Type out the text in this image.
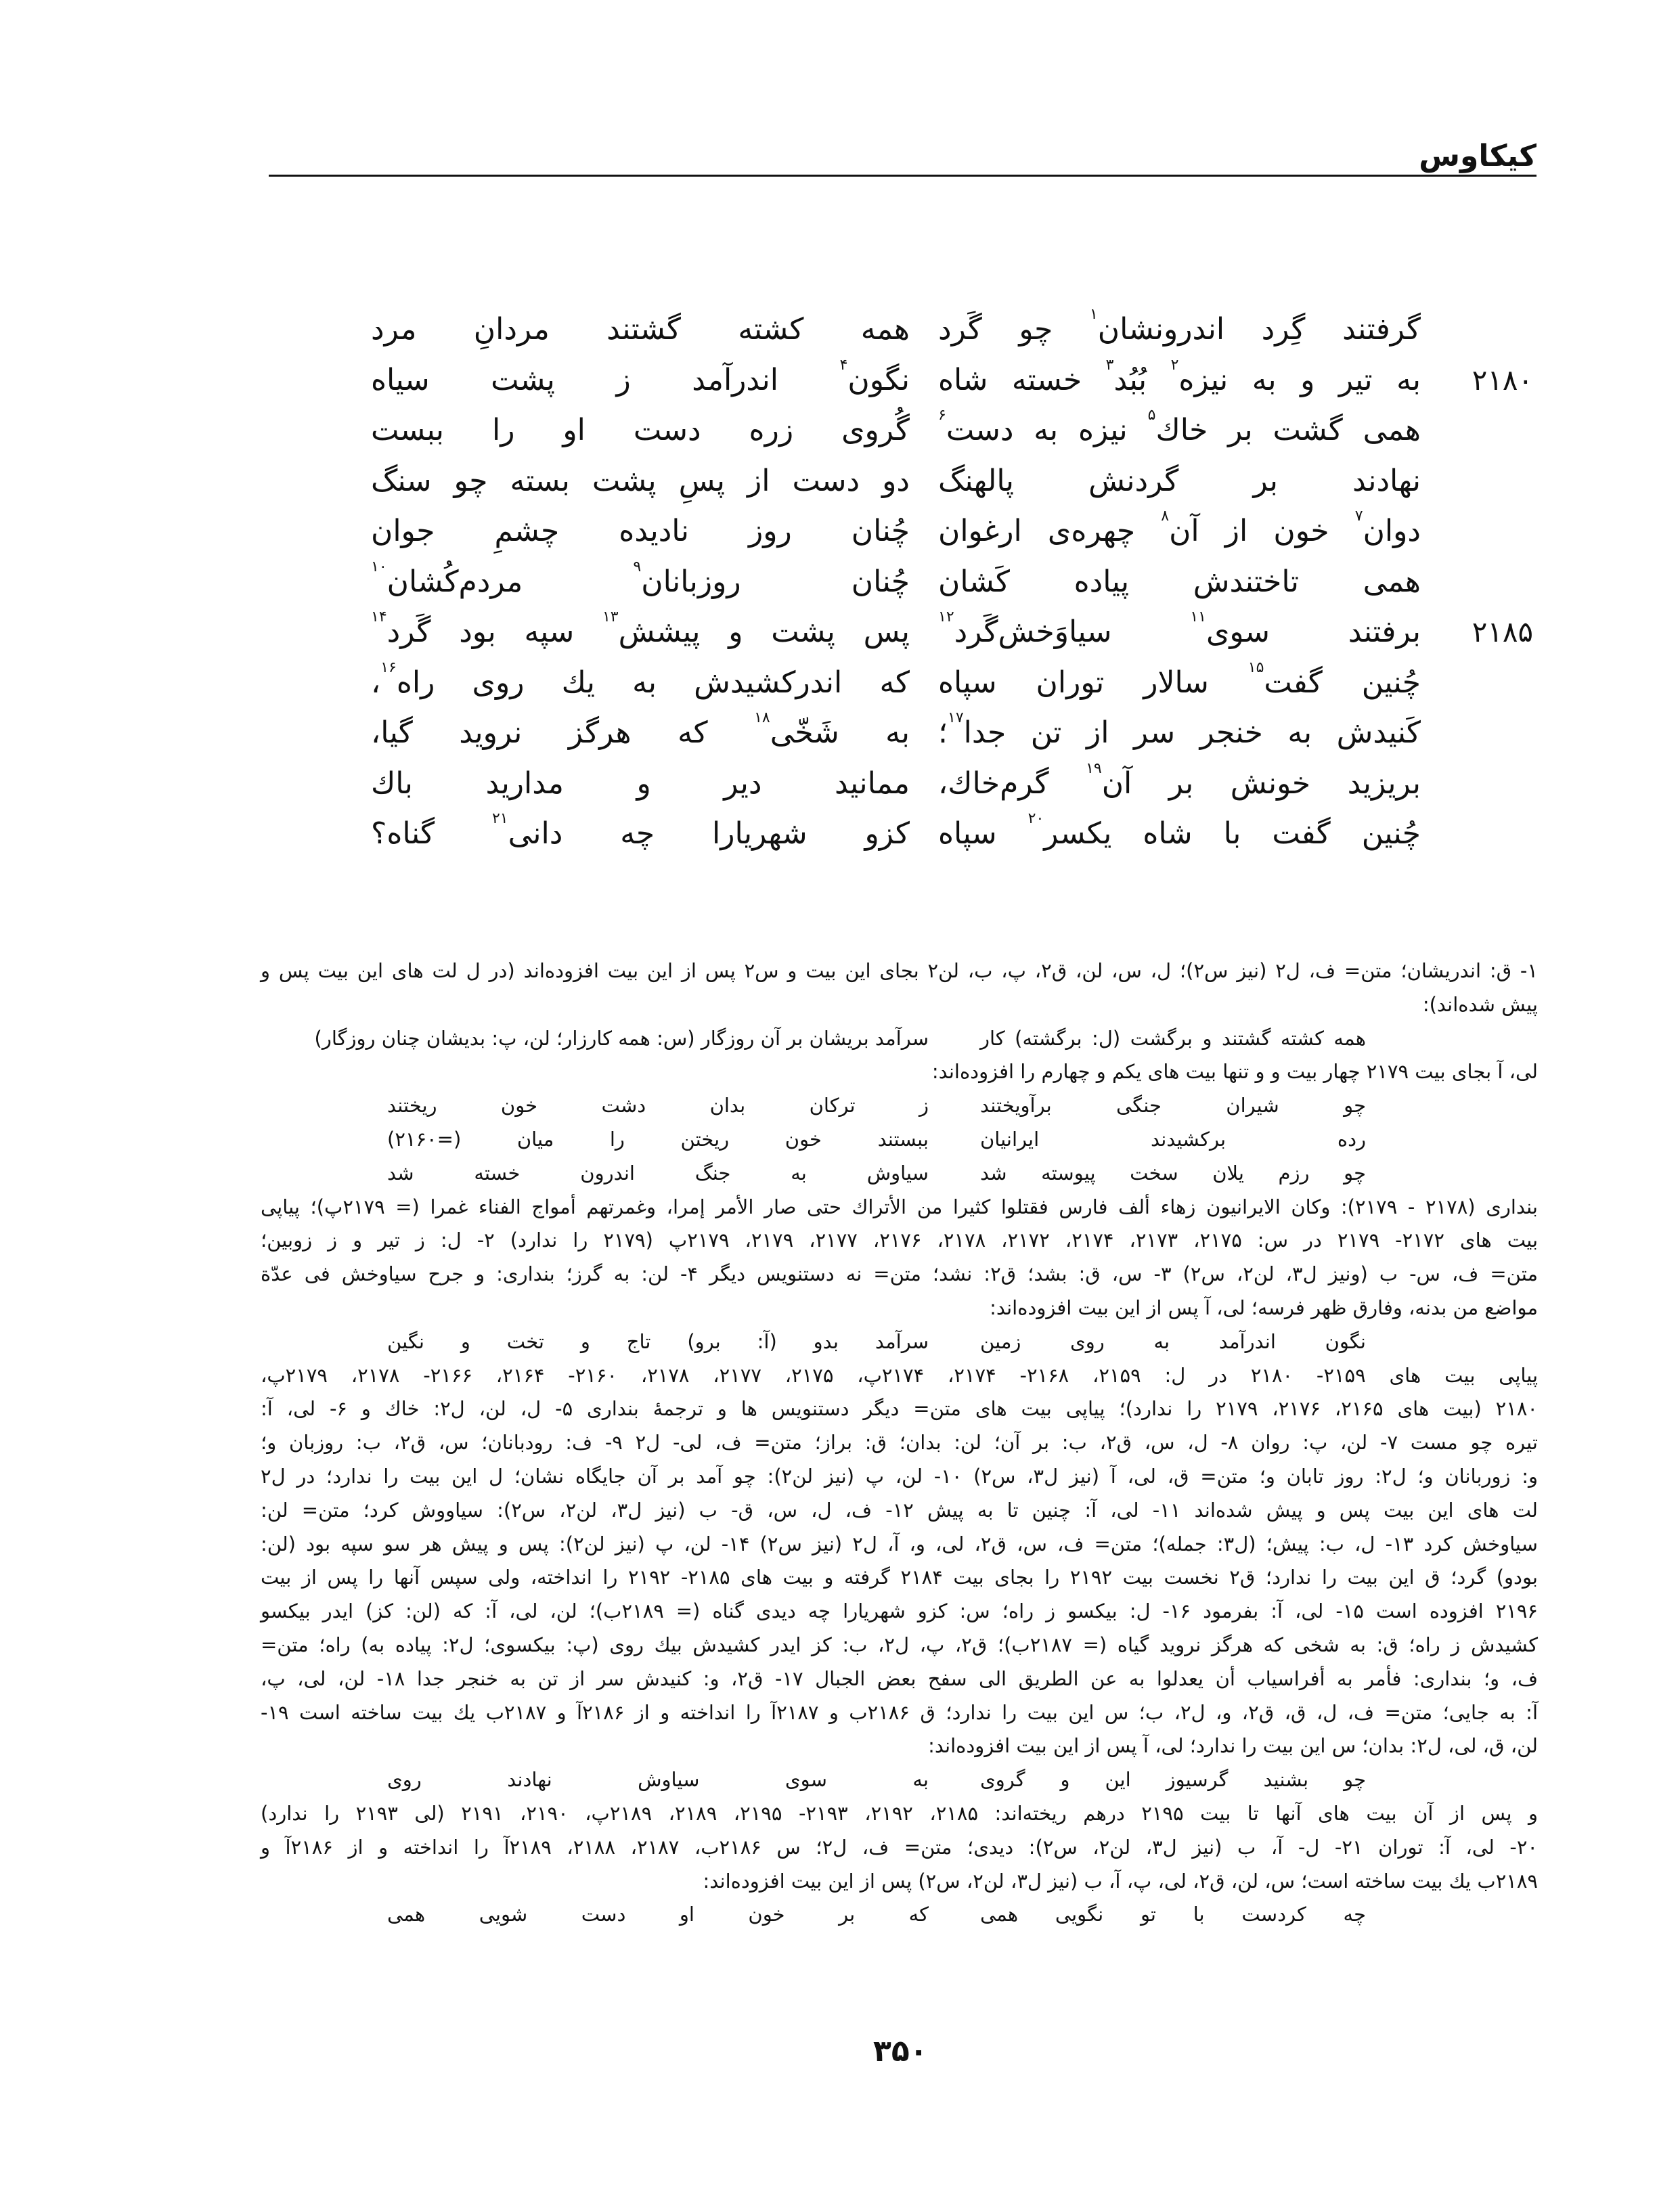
کیکاوس
گرفتند گِرد اندرونشان$^۱$ چو گَرد
همه کشته گشتند مردانِ مرد
به تیر و به نیزه$^۲$ بُبُد$^۳$ خسته شاه
نگون$^۴$ اندرآمد ز پشت سیاه	۲۱۸۰
همی گشت بر خاك$^۵$ نیزه به دست$^۶$
گُروی زره دست او را ببست
نهادند بر گردنش پالهنگ
دو دست از پسِ پشت بسته چو سنگ
دوان$^۷$ خون از آن$^۸$ چهره‌ی ارغوان
چُنان روز نادیده چشمِ جوان
همی تاختندش پیاده کَشان
چُنان روزبانان$^۹$ مردم‌کُشان$^{۱۰}$
برفتند سوی$^{۱۱}$ سیاوَخش‌گَرد$^{۱۲}$
پس پشت و پیشش$^{۱۳}$ سپه بود گَرد$^{۱۴}$	۲۱۸۵
چُنین گفت$^{۱۵}$ سالار توران سپاه
که اندرکشیدش به یك روی راه$^{۱۶}$،
کَنیدش به خنجر سر از تن جدا$^{۱۷}$؛
به شَخّی$^{۱۸}$ که هرگز نروید گیا،
بریزید خونش بر آن$^{۱۹}$ گرم‌خاك،
ممانید دیر و مدارید باك
چُنین گفت با شاه یکسر$^{۲۰}$ سپاه
کزو شهریارا چه دانی$^{۲۱}$ گناه؟
۱- ق: اندریشان؛ متن= ف، ل۲ (نیز س۲)؛ ل، س، لن، ق۲، پ، ب، لن۲ بجای این بیت و س۲ پس از این بیت افزوده‌اند (در ل لت های این بیت پس و
پیش شده‌اند):
همه کشته گشتند و برگشت (ل: برگشته) کار
سرآمد بریشان بر آن روزگار (س: همه کارزار؛ لن، پ: بدیشان چنان روزگار)
لی، آ بجای بیت ۲۱۷۹ چهار بیت و و تنها بیت های یکم و چهارم را افزوده‌اند:
چو شیران جنگی برآویختند
ز ترکان بدان دشت خون ریختند
رده برکشیدند ایرانیان
ببستند خون ریختن را میان (=۲۱۶۰)
چو رزم یلان سخت پیوسته شد
سیاوش به جنگ اندرون خسته شد
بنداری (۲۱۷۸ - ۲۱۷۹): وكان الايرانيون زهاء ألف فارس فقتلوا كثيرا من الأتراك حتى صار الأمر إمرا، وغمرتهم أمواج الفناء غمرا (= ۲۱۷۹پ)؛ پیاپی
بیت های ۲۱۷۲- ۲۱۷۹ در س: ۲۱۷۵، ۲۱۷۳، ۲۱۷۴، ۲۱۷۲، ۲۱۷۸، ۲۱۷۶، ۲۱۷۷، ۲۱۷۹، ۲۱۷۹پ (۲۱۷۹ را ندارد) ۲- ل: ز تیر و ز زوبین؛
متن= ف، س- ب (ونیز ل۳، لن۲، س۲) ۳- س، ق: بشد؛ ق۲: نشد؛ متن= نه دستنویس دیگر ۴- لن: به گرز؛ بنداری: و جرح سیاوخش فی عدّة
مواضع من بدنه، وفارق ظهر فرسه؛ لی، آ پس از این بیت افزوده‌اند:
نگون اندرآمد به روی زمین
سرآمد بدو (آ: برو) تاج و تخت و نگین
پیاپی بیت های ۲۱۵۹- ۲۱۸۰ در ل: ۲۱۵۹، ۲۱۶۸- ۲۱۷۴، ۲۱۷۴پ، ۲۱۷۵، ۲۱۷۷، ۲۱۷۸، ۲۱۶۰- ۲۱۶۴، ۲۱۶۶- ۲۱۷۸، ۲۱۷۹پ،
۲۱۸۰ (بیت های ۲۱۶۵، ۲۱۷۶، ۲۱۷۹ را ندارد)؛ پیاپی بیت های متن= دیگر دستنویس ها و ترجمهٔ بنداری ۵- ل، لن، ل۲: خاك و ۶- لی، آ:
تیره چو مست ۷- لن، پ: روان ۸- ل، س، ق۲، ب: بر آن؛ لن: بدان؛ ق: براز؛ متن= ف، لی- ل۲ ۹- ف: رودبانان؛ س، ق۲، ب: روزبان و؛
و: زوربانان و؛ ل۲: روز تابان و؛ متن= ق، لی، آ (نیز ل۳، س۲) ۱۰- لن، پ (نیز لن۲): چو آمد بر آن جایگاه نشان؛ ل این بیت را ندارد؛ در ل۲
لت های این بیت پس و پیش شده‌اند ۱۱- لی، آ: چنین تا به پیش ۱۲- ف، ل، س، ق- ب (نیز ل۳، لن۲، س۲): سیاووش کرد؛ متن= لن:
سیاوخش کرد ۱۳- ل، ب: پیش؛ (ل۳: جمله)؛ متن= ف، س، ق۲، لی، و، آ، ل۲ (نیز س۲) ۱۴- لن، پ (نیز لن۲): پس و پیش هر سو سپه بود (لن:
بودو) گرد؛ ق این بیت را ندارد؛ ق۲ نخست بیت ۲۱۹۲ را بجای بیت ۲۱۸۴ گرفته و بیت های ۲۱۸۵- ۲۱۹۲ را انداخته، ولی سپس آنها را پس از بیت
۲۱۹۶ افزوده است ۱۵- لی، آ: بفرمود ۱۶- ل: بیکسو ز راه؛ س: کزو شهریارا چه دیدی گناه (= ۲۱۸۹ب)؛ لن، لی، آ: که (لن: کز) ایدر بیکسو
کشیدش ز راه؛ ق: به شخی که هرگز نروید گیاه (= ۲۱۸۷ب)؛ ق۲، پ، ل۲، ب: کز ایدر کشیدش بیك روی (پ: بیکسوی؛ ل۲: پیاده به) راه؛ متن=
ف، و؛ بنداری: فأمر به أفراسياب أن يعدلوا به عن الطريق الى سفح بعض الجبال ۱۷- ق۲، و: کنیدش سر از تن به خنجر جدا ۱۸- لن، لی، پ،
آ: به جایی؛ متن= ف، ل، ق، ق۲، و، ل۲، ب؛ س این بیت را ندارد؛ ق ۲۱۸۶ب و ۲۱۸۷آ را انداخته و از ۲۱۸۶آ و ۲۱۸۷ب یك بیت ساخته است ۱۹-
لن، ق، لی، ل۲: بدان؛ س این بیت را ندارد؛ لی، آ پس از این بیت افزوده‌اند:
چو بشنید گرسیوز این و گروی
به سوی سیاوش نهادند روی
و پس از آن بیت های آنها تا بیت ۲۱۹۵ درهم ریخته‌اند: ۲۱۸۵، ۲۱۹۲، ۲۱۹۳- ۲۱۹۵، ۲۱۸۹، ۲۱۸۹پ، ۲۱۹۰، ۲۱۹۱ (لی ۲۱۹۳ را ندارد)
۲۰- لی، آ: توران ۲۱- ل- آ، ب (نیز ل۳، لن۲، س۲): دیدی؛ متن= ف، ل۲؛ س ۲۱۸۶ب، ۲۱۸۷، ۲۱۸۸، ۲۱۸۹آ را انداخته و از ۲۱۸۶آ و
۲۱۸۹ب یك بیت ساخته است؛ س، لن، ق۲، لی، پ، آ، ب (نیز ل۳، لن۲، س۲) پس از این بیت افزوده‌اند:
چه کردست با تو نگویی همی
که بر خون او دست شویی همی
۳۵۰
